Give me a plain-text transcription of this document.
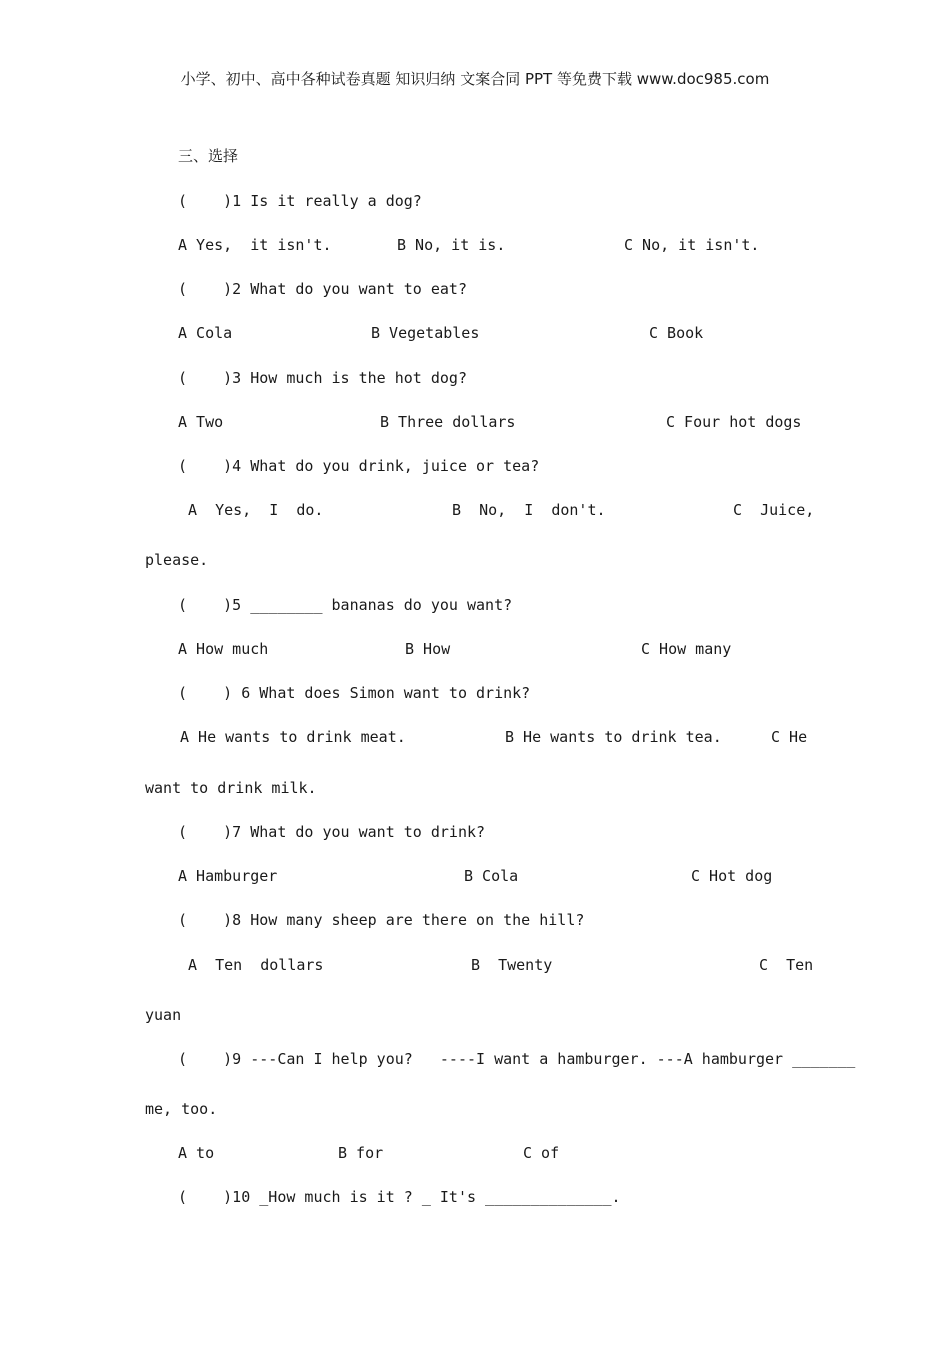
小学、初中、高中各种试卷真题 知识归纳 文案合同 PPT 等免费下载 www.doc985.com
三、选择
(    )1 Is it really a dog?
A Yes,  it isn't.	B No, it is.	C No, it isn't.
(    )2 What do you want to eat?
A Cola	B Vegetables	C Book
(    )3 How much is the hot dog?
A Two	B Three dollars	C Four hot dogs
(    )4 What do you drink, juice or tea?
A  Yes,  I  do.	B  No,  I  don't.	C  Juice,
please.
(    )5 ________ bananas do you want?
A How much	B How	C How many
(    ) 6 What does Simon want to drink?
A He wants to drink meat.	B He wants to drink tea.	C He
want to drink milk.
(    )7 What do you want to drink?
A Hamburger	B Cola	C Hot dog
(    )8 How many sheep are there on the hill?
A  Ten  dollars	B  Twenty	C  Ten
yuan
(    )9 ---Can I help you?   ----I want a hamburger. ---A hamburger _______
me, too.
A to	B for	C of
(    )10 _How much is it ? _ It's ______________.
